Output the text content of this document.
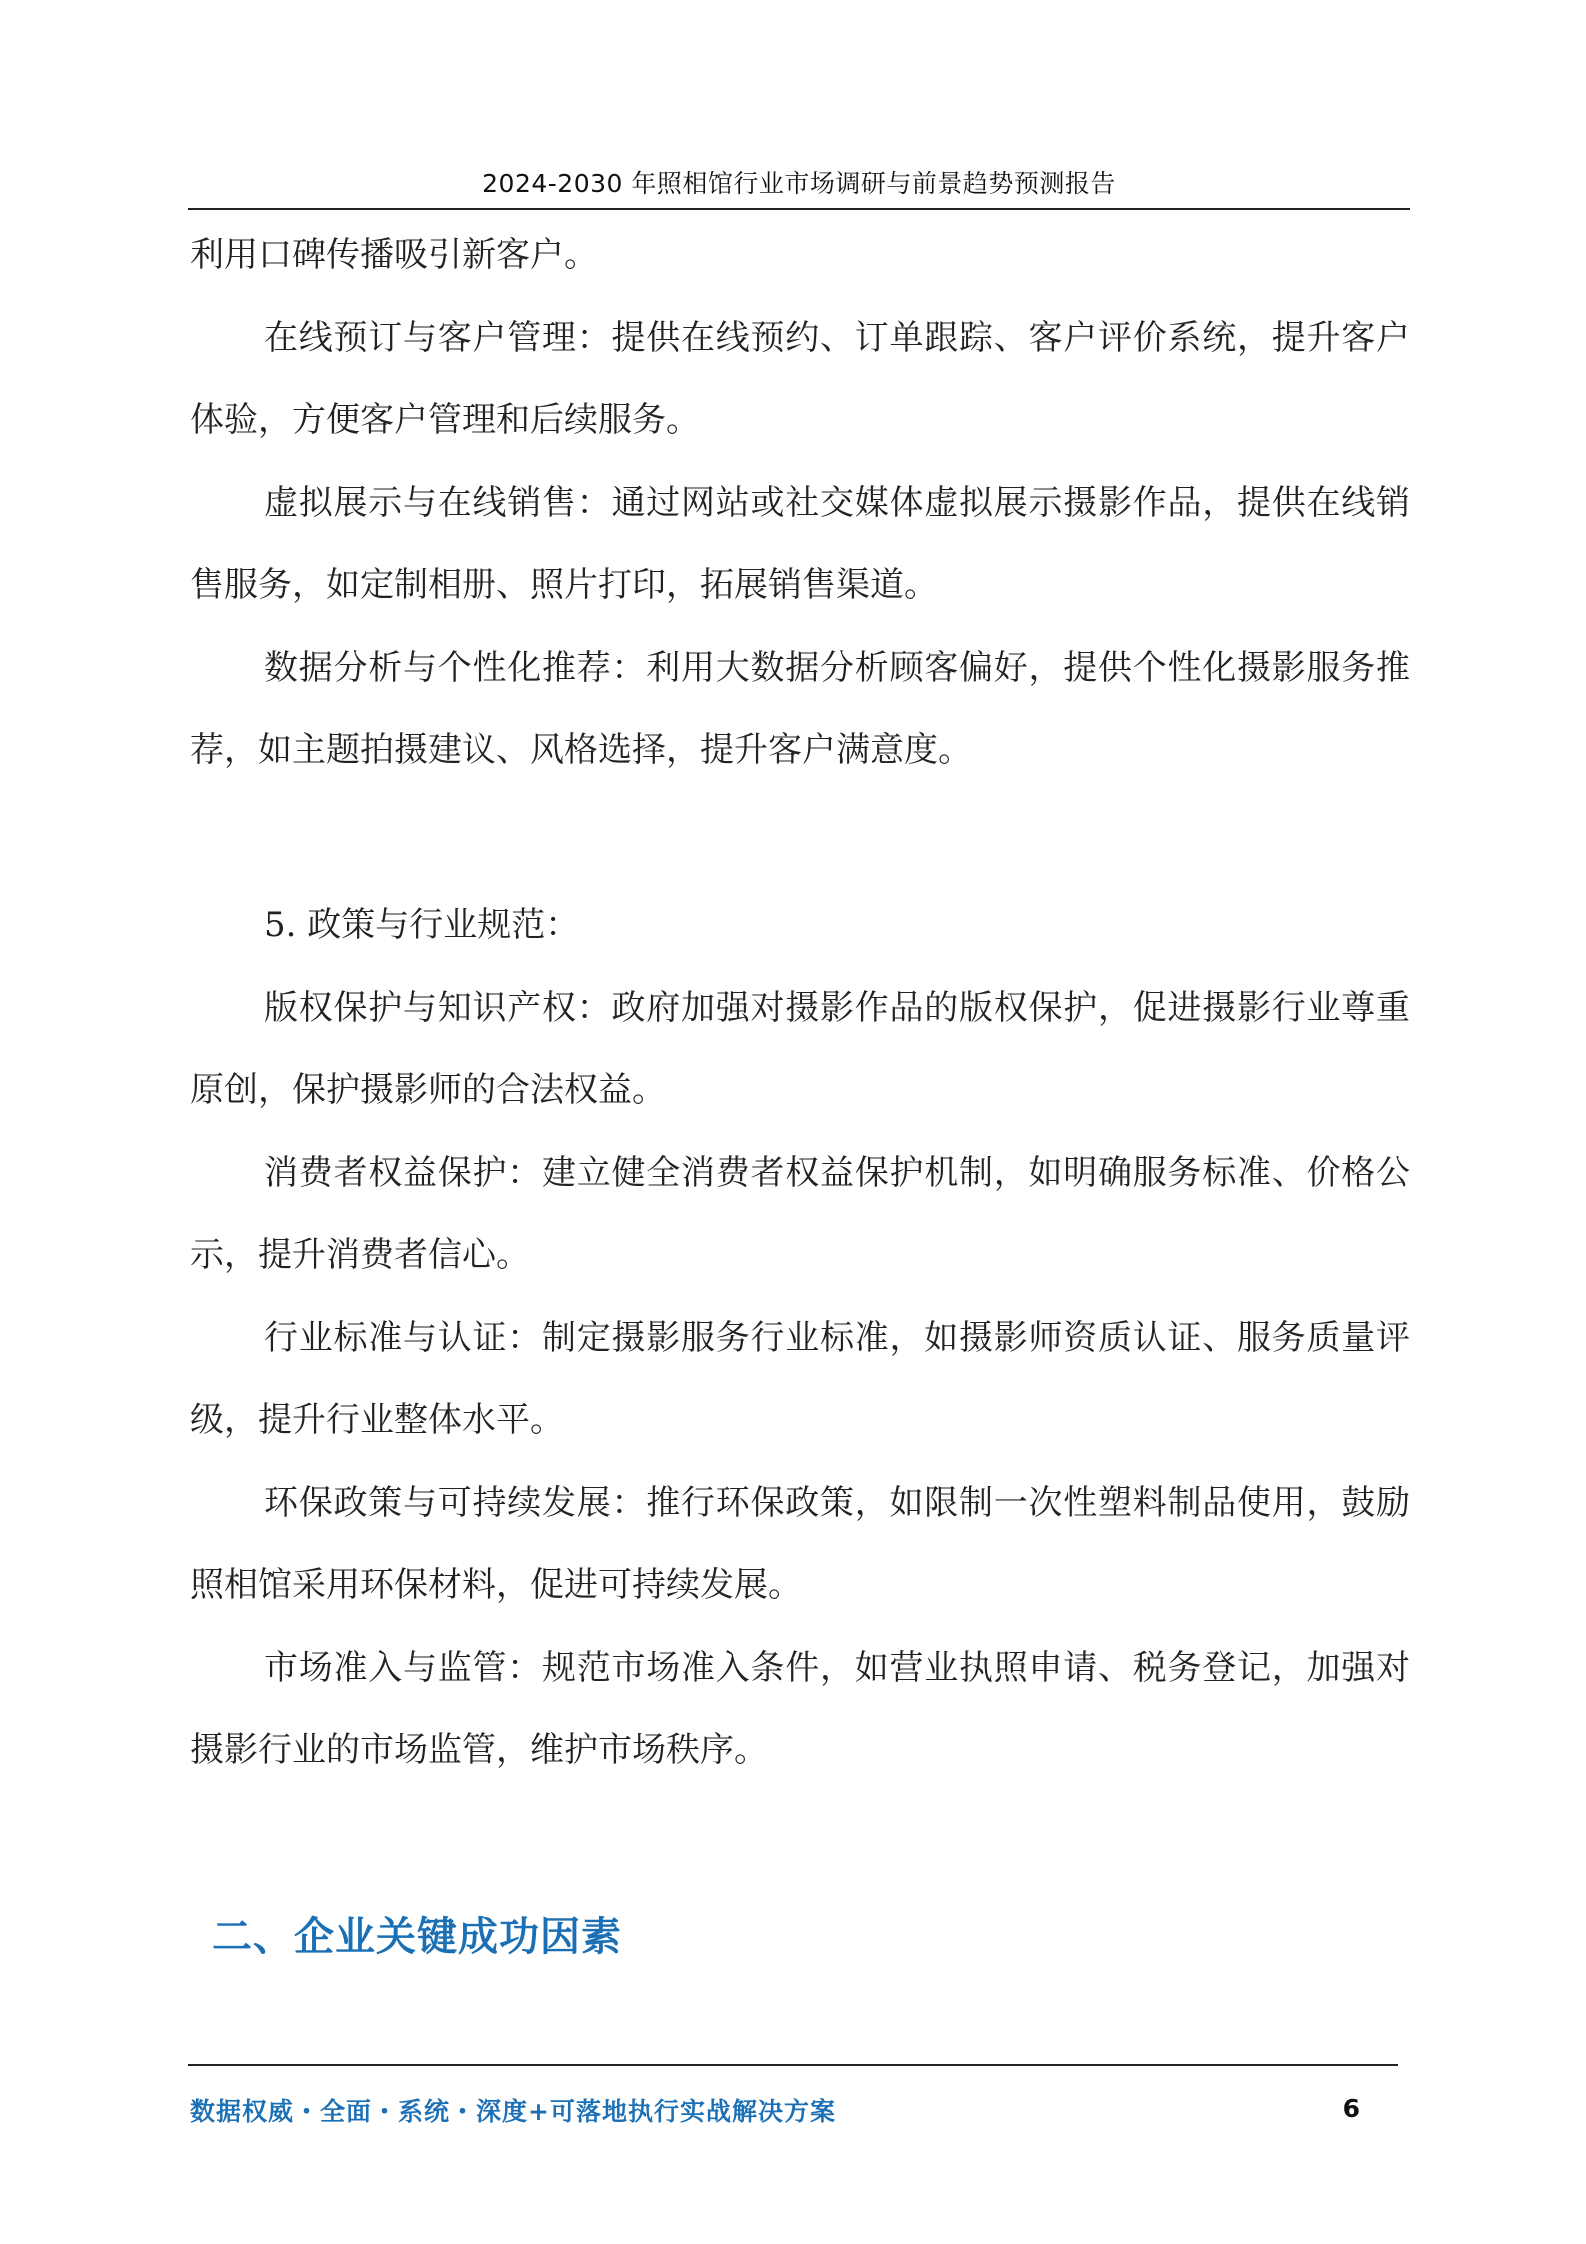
2024-2030 年照相馆行业市场调研与前景趋势预测报告

利用口碑传播吸引新客户。

在线预订与客户管理：提供在线预约、订单跟踪、客户评价系统，提升客户体验，方便客户管理和后续服务。

虚拟展示与在线销售：通过网站或社交媒体虚拟展示摄影作品，提供在线销售服务，如定制相册、照片打印，拓展销售渠道。

数据分析与个性化推荐：利用大数据分析顾客偏好，提供个性化摄影服务推荐，如主题拍摄建议、风格选择，提升客户满意度。

5. 政策与行业规范：

版权保护与知识产权：政府加强对摄影作品的版权保护，促进摄影行业尊重原创，保护摄影师的合法权益。

消费者权益保护：建立健全消费者权益保护机制，如明确服务标准、价格公示，提升消费者信心。

行业标准与认证：制定摄影服务行业标准，如摄影师资质认证、服务质量评级，提升行业整体水平。

环保政策与可持续发展：推行环保政策，如限制一次性塑料制品使用，鼓励照相馆采用环保材料，促进可持续发展。

市场准入与监管：规范市场准入条件，如营业执照申请、税务登记，加强对摄影行业的市场监管，维护市场秩序。

二、企业关键成功因素
数据权威・全面・系统・深度+可落地执行实战解决方案	6
